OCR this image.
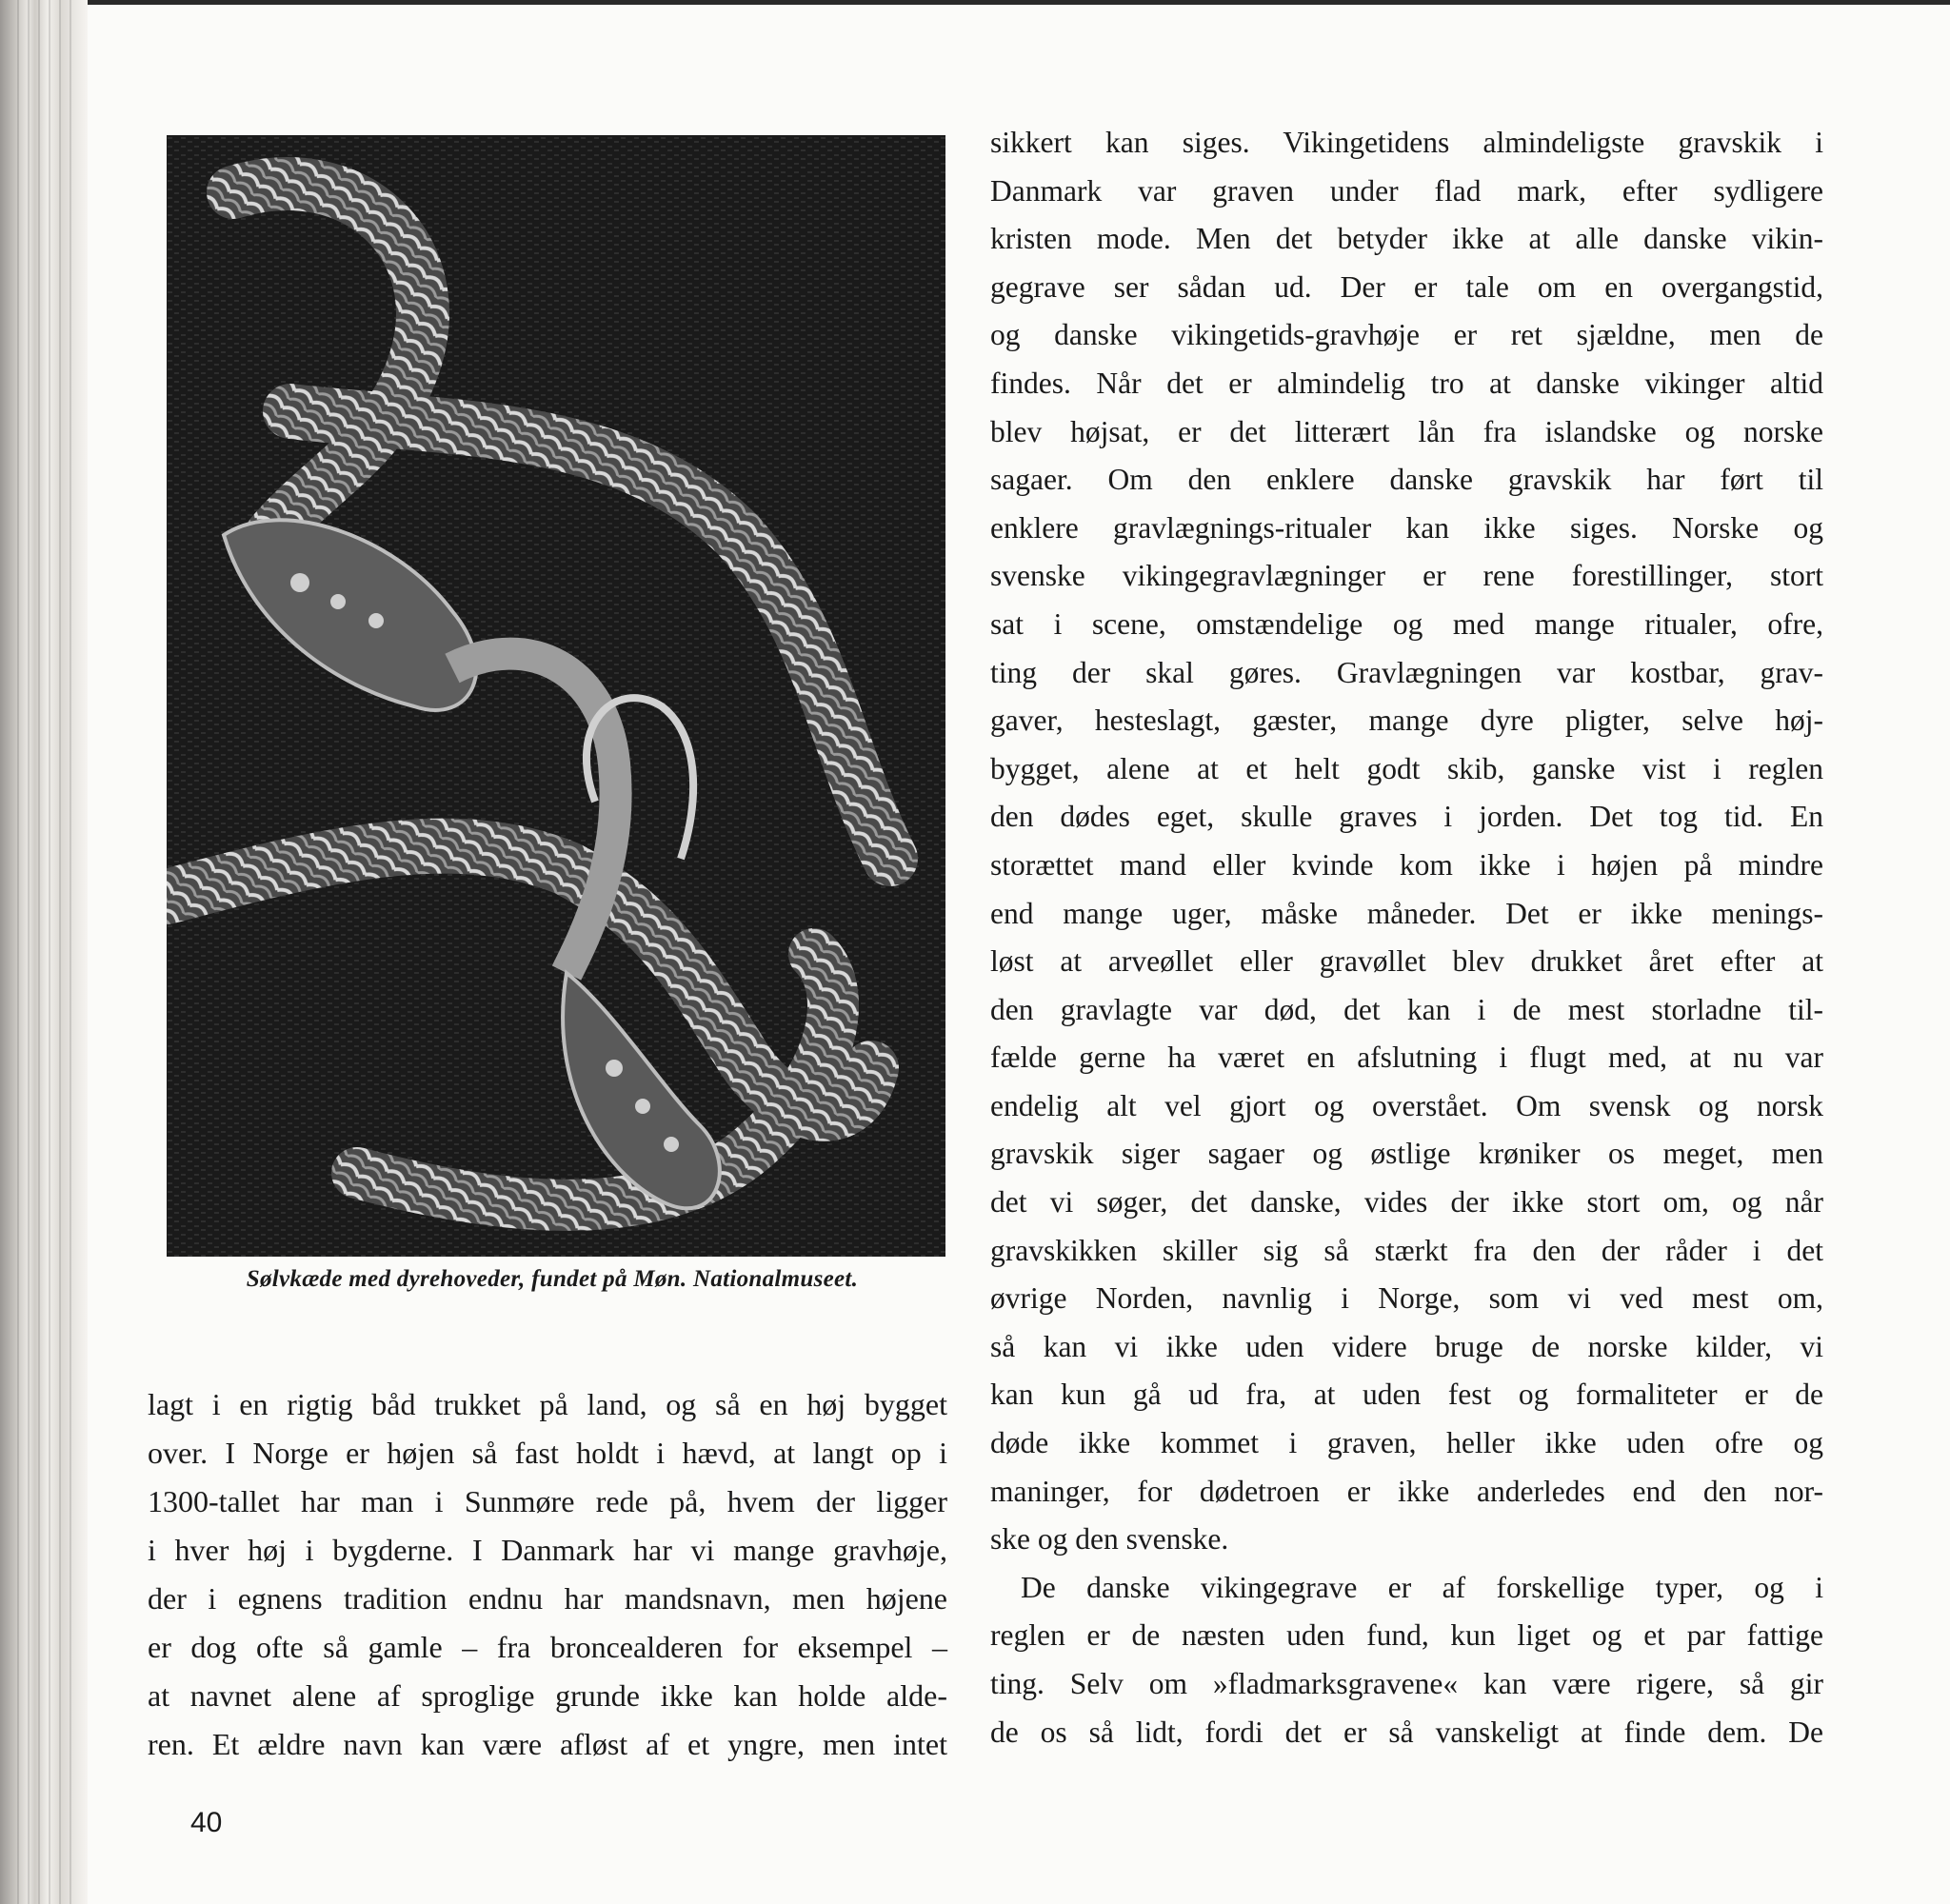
Sølvkæde med dyrehoveder, fundet på Møn. Nationalmuseet.
lagt i en rigtig båd trukket på land, og så en høj bygget
over. I Norge er højen så fast holdt i hævd, at langt op i
1300-tallet har man i Sunmøre rede på, hvem der ligger
i hver høj i bygderne. I Danmark har vi mange gravhøje,
der i egnens tradition endnu har mandsnavn, men højene
er dog ofte så gamle – fra broncealderen for eksempel –
at navnet alene af sproglige grunde ikke kan holde alde-
ren. Et ældre navn kan være afløst af et yngre, men intet
sikkert kan siges. Vikingetidens almindeligste gravskik i
Danmark var graven under flad mark, efter sydligere
kristen mode. Men det betyder ikke at alle danske vikin-
gegrave ser sådan ud. Der er tale om en overgangstid,
og danske vikingetids-gravhøje er ret sjældne, men de
findes. Når det er almindelig tro at danske vikinger altid
blev højsat, er det litterært lån fra islandske og norske
sagaer. Om den enklere danske gravskik har ført til
enklere gravlægnings-ritualer kan ikke siges. Norske og
svenske vikingegravlægninger er rene forestillinger, stort
sat i scene, omstændelige og med mange ritualer, ofre,
ting der skal gøres. Gravlægningen var kostbar, grav-
gaver, hesteslagt, gæster, mange dyre pligter, selve høj-
bygget, alene at et helt godt skib, ganske vist i reglen
den dødes eget, skulle graves i jorden. Det tog tid. En
storættet mand eller kvinde kom ikke i højen på mindre
end mange uger, måske måneder. Det er ikke menings-
løst at arveøllet eller gravøllet blev drukket året efter at
den gravlagte var død, det kan i de mest storladne til-
fælde gerne ha været en afslutning i flugt med, at nu var
endelig alt vel gjort og overstået. Om svensk og norsk
gravskik siger sagaer og østlige krøniker os meget, men
det vi søger, det danske, vides der ikke stort om, og når
gravskikken skiller sig så stærkt fra den der råder i det
øvrige Norden, navnlig i Norge, som vi ved mest om,
så kan vi ikke uden videre bruge de norske kilder, vi
kan kun gå ud fra, at uden fest og formaliteter er de
døde ikke kommet i graven, heller ikke uden ofre og
maninger, for dødetroen er ikke anderledes end den nor-
ske og den svenske.
De danske vikingegrave er af forskellige typer, og i
reglen er de næsten uden fund, kun liget og et par fattige
ting. Selv om »fladmarksgravene« kan være rigere, så gir
de os så lidt, fordi det er så vanskeligt at finde dem. De
40
